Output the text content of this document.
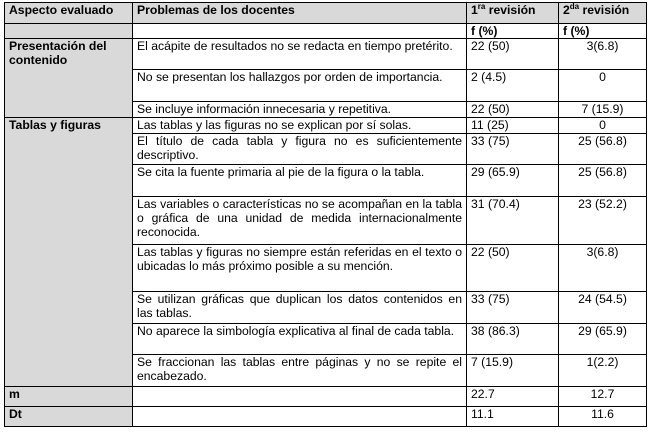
Aspecto evaluado	Problemas de los docentes	$1^{ra}$ revisión	$2^{da}$ revisión
		f (%)	f (%)
Presentación del contenido	El acápite de resultados no se redacta en tiempo pretérito.	22 (50)	3(6.8)
	No se presentan los hallazgos por orden de importancia.	2 (4.5)	0
	Se incluye información innecesaria y repetitiva.	22 (50)	7 (15.9)
Tablas y figuras	Las tablas y las figuras no se explican por sí solas.	11 (25)	0
	El título de cada tabla y figura no es suficientemente descriptivo.	33 (75)	25 (56.8)
	Se cita la fuente primaria al pie de la figura o la tabla.	29 (65.9)	25 (56.8)
	Las variables o características no se acompañan en la tabla o gráfica de una unidad de medida internacionalmente reconocida.	31 (70.4)	23 (52.2)
	Las tablas y figuras no siempre están referidas en el texto o ubicadas lo más próximo posible a su mención.	22 (50)	3(6.8)
	Se utilizan gráficas que duplican los datos contenidos en las tablas.	33 (75)	24 (54.5)
	No aparece la simbología explicativa al final de cada tabla.	38 (86.3)	29 (65.9)
	Se fraccionan las tablas entre páginas y no se repite el encabezado.	7 (15.9)	1(2.2)
m		22.7	12.7
Dt		11.1	11.6
